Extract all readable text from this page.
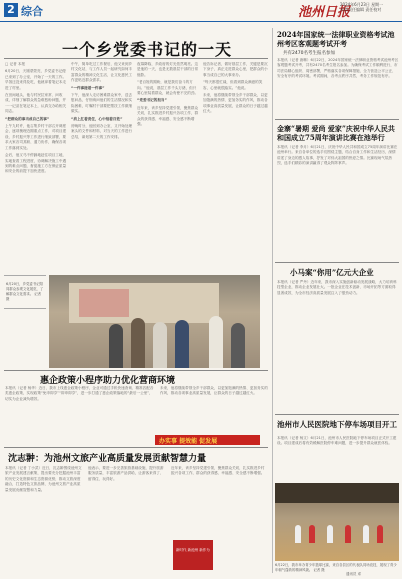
2 综合	池州日报
2024年6月23日 星期一
本版责任编辑 责任校对
一个乡党委书记的一天
□ 记者 本报
6月20日，天刚蒙蒙亮，乡党委书记便已来到了办公室，开始了一天的工作。早饭还没来得及吃，他就拿着笔记本走进了村里。
在田间地头，他与村民拉家常、问收成，详细了解群众的急难愁盼问题，并一一记录在笔记本上，认真交办给相关同志。
“把群众的事当成自己的事”
上午九时许，他召集乡村干部召开调度会，逐项梳理近期重点工作，对项目建设、乡村振兴等工作进行细致部署，要求大家各司其职、通力协作，确保各项工作落到实处。
会后，他又马不停蹄地赶往项目工地，实地查看工程进度，协调解决施工中遇到的难点问题，督促施工方在保证质量和安全的前提下加快进度。
中午，简单吃过工作餐后，他又来到乡村文化站，与工作人员一起研究如何丰富群众的精神文化生活，让文化惠民工作更贴近群众需求。
“一件事接着一件事”
下午，他深入走访困难群众家中，送去慰问品，仔细询问他们的生活情况和实际困难，叮嘱村干部要把帮扶工作做细做实。
“肩上扛着责任，心中装着百姓”
傍晚时分，他回到办公室，又开始处理案头的文件和材料，对当天的工作进行总结，谋划第二天的工作安排。
夜幕降临，乡政府的灯光依然明亮。这是他的一天，也是无数基层干部的日常缩影。
“老百姓的期盼，就是我们奋斗的方向。”他说，基层工作千头万绪，但只要心里装着群众，就会有使不完的劲。
“党委书记的担当”
近年来，该乡坚持党建引领，聚焦群众关切，扎实推进乡村振兴各项工作，群众的获得感、幸福感、安全感不断增强。
他告诉记者，做好基层工作，关键是要沉下身子，真正走进群众心里，把群众的小事当成自己的大事来办。
“每天都很忙碌，但看到群众满意的笑容，心里就很踏实。”他说。
未来，他将继续带领全乡干部群众，以更加饱满的热情、更加务实的作风，推动各项事业高质量发展，让群众的日子越过越红火。
6月20日，乡党委书记陪同群众参观文化展览，了解群众文化需求。 记者 摄
惠企政策小程序助力优化营商环境
本报讯（记者 杨华）近日，我市上线惠企政策小程序，企业可通过手机快速查询、精准匹配各类惠企政策，实现政策“免申即享”“即申即享”，进一步打通了惠企政策落地的“最后一公里”，切实为企业减负增效。
未来，他将继续带领全乡干部群众，以更加饱满的热情、更加务实的作风，推动各项事业高质量发展，让群众的日子越过越红火。
办实事 提效能 促发展
沈志翀：为池州文旅产业高质量发展贡献智慧力量
本报讯（记者 丁小武）近日，沈志翀围绕池州文旅产业发展建言献策，提出要充分挖掘池州丰富的历史文化资源和生态资源优势，推动文旅深度融合，打造特色文旅品牌，为池州文旅产业高质量发展贡献智慧和力量。
他表示，要进一步完善旅游基础设施，提升旅游服务质量，丰富旅游产品供给，让游客来得了、留得住、玩得好。
近年来，该乡坚持党建引领，聚焦群众关切，扎实推进乡村振兴各项工作，群众的获得感、幸福感、安全感不断增强。
新时代 新池州 新作为
2024年国家统一法律职业资格考试池州考区客观题考试开考
共有2470名考生报名参加
本报讯（记者 唐琳）6月22日，2024年国家统一法律职业资格考试池州考区客观题考试开考，共有2470名考生报名参加。为确保考试工作顺利进行，市司法局精心组织、周密部署，严格落实各项保障措施，全力营造公平公正、安全有序的考试环境。考试期间，各考点秩序井然，考务工作规范有序。
金寨“暑期 爱尚 爱家”庆祝中华人民共和国成立75周年演讲比赛在池举行
本报讯（记者 李月）6月21日，庆祝中华人民共和国成立75周年演讲比赛在池州举行。来自各单位的选手们围绕主题，结合自身工作和生活经历，深情讲述了身边的感人故事，抒发了对伟大祖国的热爱之情。比赛现场气氛热烈，选手们精彩的演讲赢得了观众阵阵掌声。
小马案“你用”亿元大企业
本报讯（记者 严丹）近年来，我市深入实施创新驱动发展战略，大力培育科技型企业，推动企业发展壮大。一批企业在技术创新、市场开拓等方面取得显著成效，为全市经济高质量发展注入了强劲动力。
池州市人民医院地下停车场项目开工
本报讯（记者 杨文）6月21日，池州市人民医院地下停车场项目正式开工建设。项目建成后将有效缓解医院停车难问题，进一步提升群众就医体验。
6月22日，我市举办青少年篮球比赛，来自各县区的代表队同场竞技，展现了青少年朝气蓬勃的精神风貌。 记者 摄
通讯员 邓
